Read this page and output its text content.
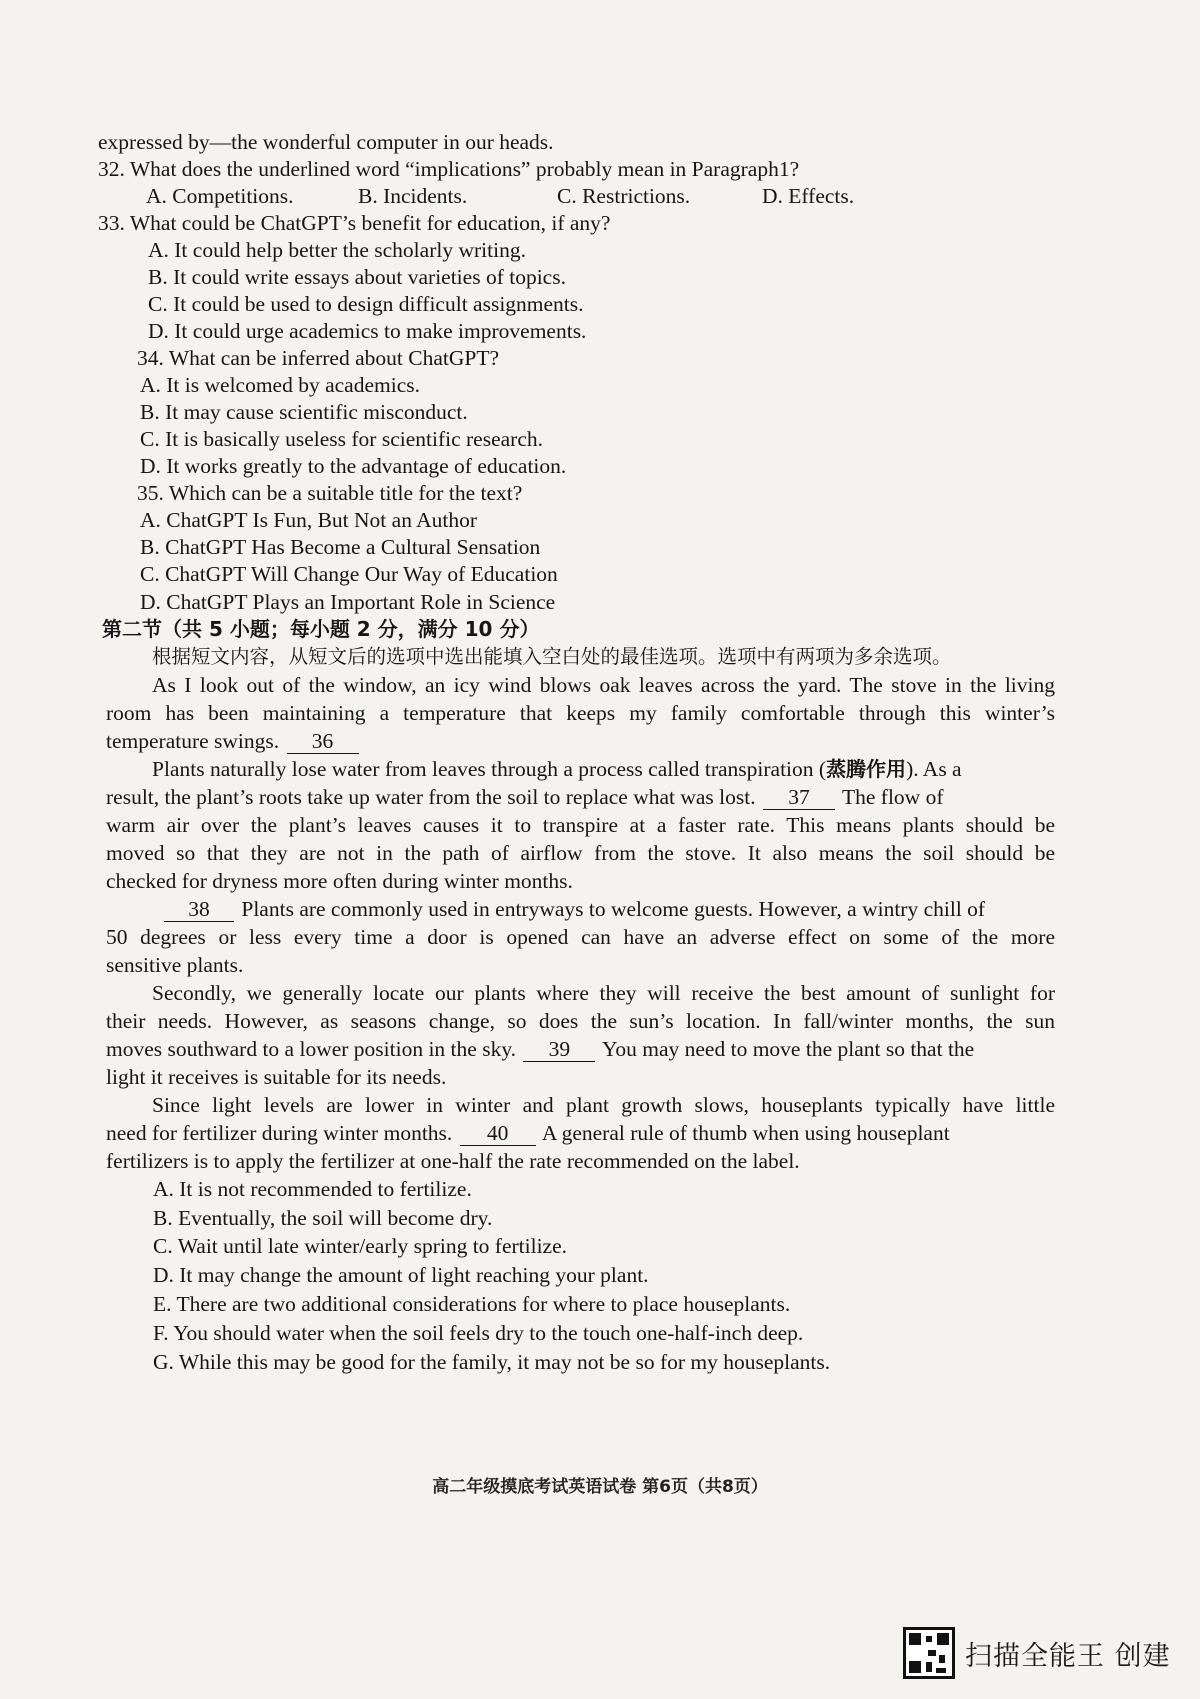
expressed by—the wonderful computer in our heads.
32. What does the underlined word “implications” probably mean in Paragraph1?
A. Competitions.	B. Incidents.	C. Restrictions.	D. Effects.
33. What could be ChatGPT’s benefit for education, if any?
A. It could help better the scholarly writing.
B. It could write essays about varieties of topics.
C. It could be used to design difficult assignments.
D. It could urge academics to make improvements.
34. What can be inferred about ChatGPT?
A. It is welcomed by academics.
B. It may cause scientific misconduct.
C. It is basically useless for scientific research.
D. It works greatly to the advantage of education.
35. Which can be a suitable title for the text?
A. ChatGPT Is Fun, But Not an Author
B. ChatGPT Has Become a Cultural Sensation
C. ChatGPT Will Change Our Way of Education
D. ChatGPT Plays an Important Role in Science
第二节（共 5 小题；每小题 2 分，满分 10 分）
根据短文内容，从短文后的选项中选出能填入空白处的最佳选项。选项中有两项为多余选项。
As I look out of the window, an icy wind blows oak leaves across the yard. The stove in the living
room has been maintaining a temperature that keeps my family comfortable through this winter’s
temperature swings. 36
Plants naturally lose water from leaves through a process called transpiration (蒸腾作用). As a
result, the plant’s roots take up water from the soil to replace what was lost. 37 The flow of
warm air over the plant’s leaves causes it to transpire at a faster rate. This means plants should be
moved so that they are not in the path of airflow from the stove. It also means the soil should be
checked for dryness more often during winter months.
38 Plants are commonly used in entryways to welcome guests. However, a wintry chill of
50 degrees or less every time a door is opened can have an adverse effect on some of the more
sensitive plants.
Secondly, we generally locate our plants where they will receive the best amount of sunlight for
their needs. However, as seasons change, so does the sun’s location. In fall/winter months, the sun
moves southward to a lower position in the sky. 39 You may need to move the plant so that the
light it receives is suitable for its needs.
Since light levels are lower in winter and plant growth slows, houseplants typically have little
need for fertilizer during winter months. 40 A general rule of thumb when using houseplant
fertilizers is to apply the fertilizer at one-half the rate recommended on the label.
A. It is not recommended to fertilize.
B. Eventually, the soil will become dry.
C. Wait until late winter/early spring to fertilize.
D. It may change the amount of light reaching your plant.
E. There are two additional considerations for where to place houseplants.
F. You should water when the soil feels dry to the touch one-half-inch deep.
G. While this may be good for the family, it may not be so for my houseplants.
高二年级摸底考试英语试卷 第6页（共8页）
扫描全能王 创建
